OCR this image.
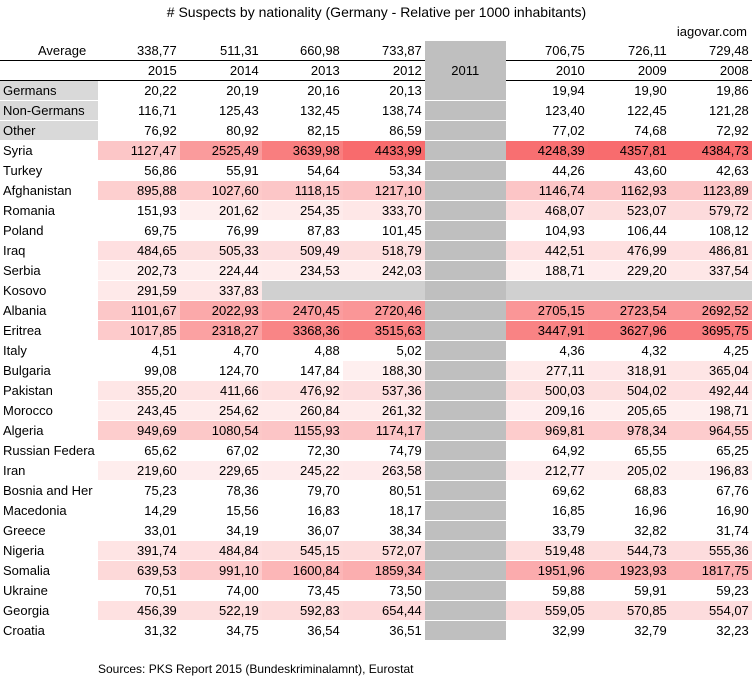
# Suspects by nationality (Germany - Relative per 1000 inhabitants)
iagovar.com
Average	338,77	511,31	660,98	733,87		706,75	726,11	729,48
	2015	2014	2013	2012	2011	2010	2009	2008
Germans	20,22	20,19	20,16	20,13		19,94	19,90	19,86
Non-Germans	116,71	125,43	132,45	138,74		123,40	122,45	121,28
Other	76,92	80,92	82,15	86,59		77,02	74,68	72,92
Syria	1127,47	2525,49	3639,98	4433,99		4248,39	4357,81	4384,73
Turkey	56,86	55,91	54,64	53,34		44,26	43,60	42,63
Afghanistan	895,88	1027,60	1118,15	1217,10		1146,74	1162,93	1123,89
Romania	151,93	201,62	254,35	333,70		468,07	523,07	579,72
Poland	69,75	76,99	87,83	101,45		104,93	106,44	108,12
Iraq	484,65	505,33	509,49	518,79		442,51	476,99	486,81
Serbia	202,73	224,44	234,53	242,03		188,71	229,20	337,54
Kosovo	291,59	337,83						
Albania	1101,67	2022,93	2470,45	2720,46		2705,15	2723,54	2692,52
Eritrea	1017,85	2318,27	3368,36	3515,63		3447,91	3627,96	3695,75
Italy	4,51	4,70	4,88	5,02		4,36	4,32	4,25
Bulgaria	99,08	124,70	147,84	188,30		277,11	318,91	365,04
Pakistan	355,20	411,66	476,92	537,36		500,03	504,02	492,44
Morocco	243,45	254,62	260,84	261,32		209,16	205,65	198,71
Algeria	949,69	1080,54	1155,93	1174,17		969,81	978,34	964,55
Russian Federa	65,62	67,02	72,30	74,79		64,92	65,55	65,25
Iran	219,60	229,65	245,22	263,58		212,77	205,02	196,83
Bosnia and Her	75,23	78,36	79,70	80,51		69,62	68,83	67,76
Macedonia	14,29	15,56	16,83	18,17		16,85	16,96	16,90
Greece	33,01	34,19	36,07	38,34		33,79	32,82	31,74
Nigeria	391,74	484,84	545,15	572,07		519,48	544,73	555,36
Somalia	639,53	991,10	1600,84	1859,34		1951,96	1923,93	1817,75
Ukraine	70,51	74,00	73,45	73,50		59,88	59,91	59,23
Georgia	456,39	522,19	592,83	654,44		559,05	570,85	554,07
Croatia	31,32	34,75	36,54	36,51		32,99	32,79	32,23
Sources: PKS Report 2015 (Bundeskriminalamnt), Eurostat
